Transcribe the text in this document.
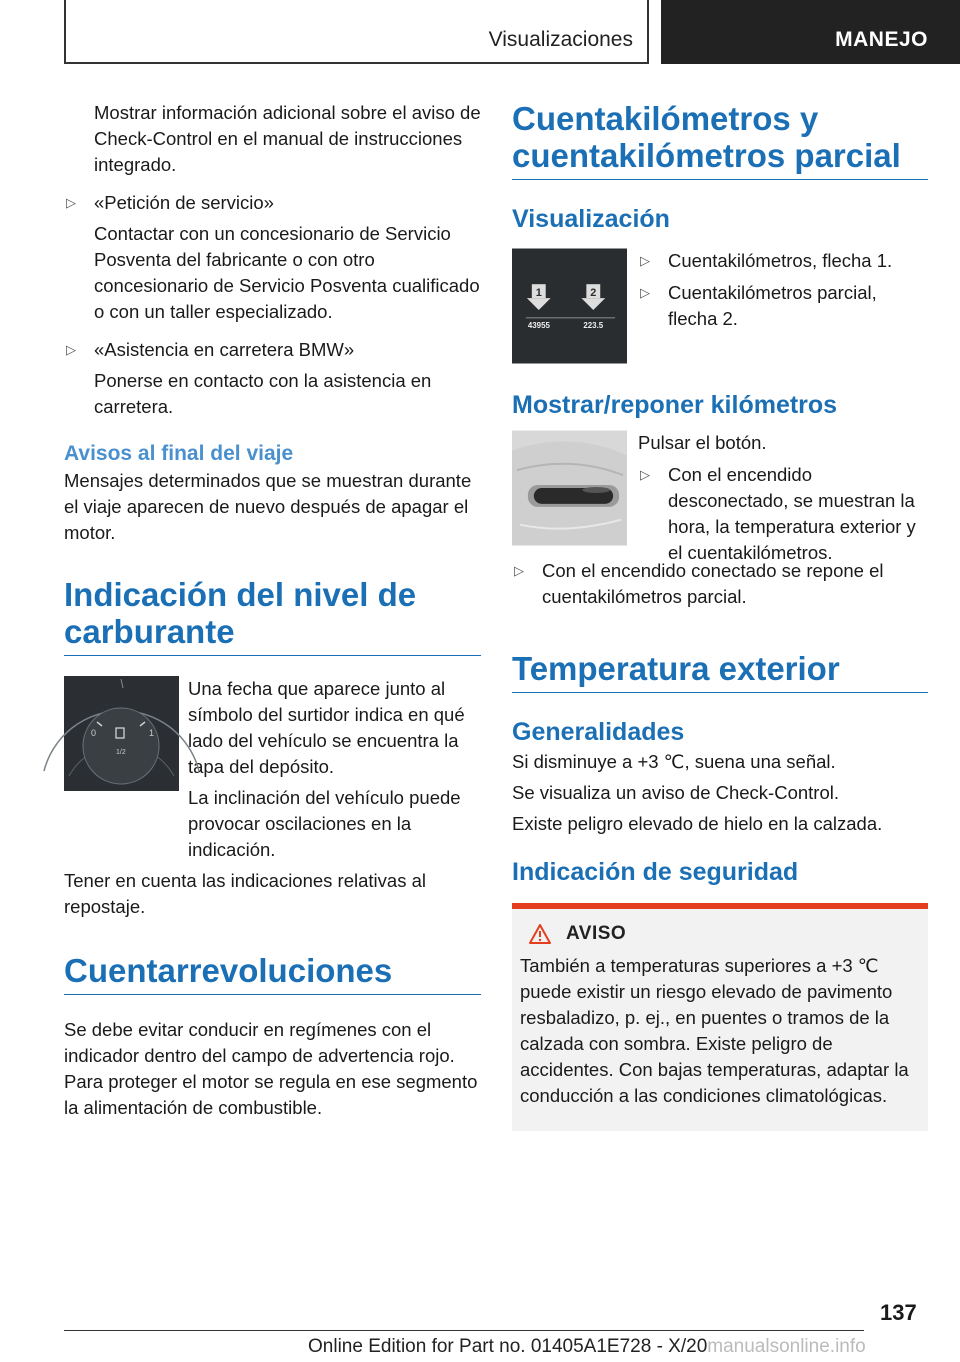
Visualizaciones	MANEJO

Mostrar información adicional sobre el aviso de Check-Control en el manual de instrucciones integrado.

▷ «Petición de servicio»

Contactar con un concesionario de Servicio Posventa del fabricante o con otro concesionario de Servicio Posventa cualificado o con un taller especializado.

▷ «Asistencia en carretera BMW»

Ponerse en contacto con la asistencia en carretera.

Avisos al final del viaje

Mensajes determinados que se muestran durante el viaje aparecen de nuevo después de apagar el motor.

Indicación del nivel de carburante
0	1
1/2

Una fecha que aparece junto al símbolo del surtidor indica en qué lado del vehículo se encuentra la tapa del depósito.

La inclinación del vehículo puede provocar oscilaciones en la indicación.

Tener en cuenta las indicaciones relativas al repostaje.

Cuentarrevoluciones

Se debe evitar conducir en regímenes con el indicador dentro del campo de advertencia rojo. Para proteger el motor se regula en ese segmento la alimentación de combustible.

Cuentakilómetros y cuentakilómetros parcial
Visualización
1	2
43955	223.5
▷ Cuentakilómetros, flecha 1.
▷ Cuentakilómetros parcial, flecha 2.
Mostrar/reponer kilómetros

Pulsar el botón.

▷ Con el encendido desconectado, se muestran la hora, la temperatura exterior y el cuentakilómetros.
▷ Con el encendido conectado se repone el cuentakilómetros parcial.
Temperatura exterior
Generalidades

Si disminuye a +3 ℃, suena una señal.

Se visualiza un aviso de Check-Control.

Existe peligro elevado de hielo en la calzada.

Indicación de seguridad
AVISO

También a temperaturas superiores a +3 ℃ puede existir un riesgo elevado de pavimento resbaladizo, p. ej., en puentes o tramos de la calzada con sombra. Existe peligro de accidentes. Con bajas temperaturas, adaptar la conducción a las condiciones climatológicas.

137
Online Edition for Part no. 01405A1E728 - X/20manualsonline.info
